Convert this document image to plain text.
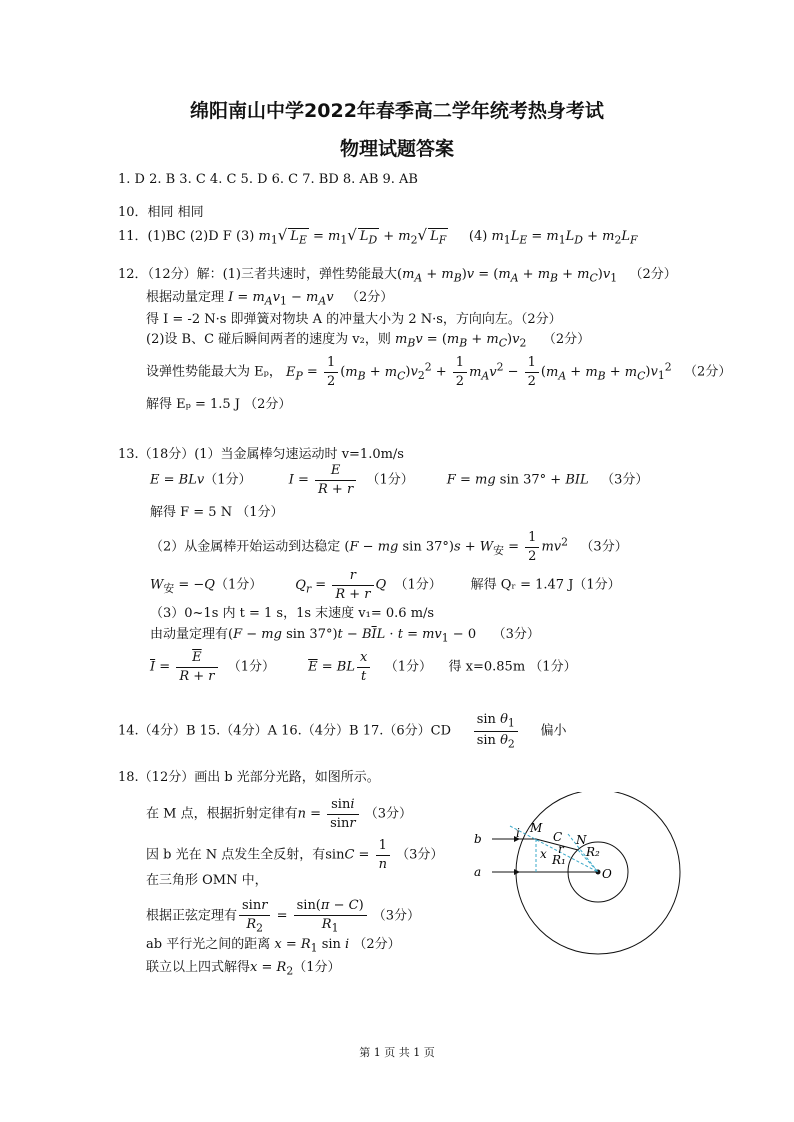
绵阳南山中学2022年春季高二学年统考热身考试
物理试题答案
1. D 2. B 3. C 4. C 5. D 6. C 7. BD 8. AB 9. AB
10．相同 相同
11．(1)BC (2)D F (3) $m_1√$ $L_E = m_1√$ $L_D + m_2√$ $L_F$ (4) $m_1L_E = m_1L_D + m_2L_F$
12．（12分）解：(1)三者共速时，弹性势能最大$(m_A + m_B)v = (m_A + m_B + m_C)v_1$ （2分）
根据动量定理 $I = m_Av_1 - m_Av$ （2分）
得 I = -2 N·s 即弹簧对物块 A 的冲量大小为 2 N·s，方向向左。（2分）
(2)设 B、C 碰后瞬间两者的速度为 v₂，则 $m_Bv = (m_B + m_C)v_2$ （2分）
设弹性势能最大为 Eₚ， $E_P = \frac{1}{2} (m_B + m_C)v_2^2 + \frac{1}{2} m_Av^2 - \frac{1}{2} (m_A + m_B + m_C)v_1^2$ （2分）
解得 Eₚ = 1.5 J （2分）
13.（18分）(1）当金属棒匀速运动时 v=1.0m/s
E = BLv（1分）	$I = \frac{E}{R + r} (1$分）	F = mg sin 37° + BIL （3分）
解得 F = 5 N （1分）
（2）从金属棒开始运动到达稳定 (F − mg $\sin 37^\circ)s + W_安 = \frac{1}{2} mv^2$ （3分）
$W_安 = -Q(1$分）	$Q_r = \frac{r}{R + r}$ Q （1分） 解得 Qᵣ = 1.47 J（1分）
（3）0~1s 内 t = 1 s，1s 末速度 v₁= 0.6 m/s
由动量定理有(F − mg $\sin 37^\circ)t - B\overline{I}L \cdot t = mv_1 - 0$    （3分）
$\overline{I} = \frac{\overline{E}}{R + r} (1$分）	$\overline{E}$ = BL $\frac{x}{t} (1$分） 得 x=0.85m （1分）
14.（4分）B 15.（4分）A 16.（4分）B 17.（6分）$CD \frac{\sin \theta_1}{\sin \theta_2}$ 偏小
18.（12分）画出 b 光部分光路，如图所示。
在 M 点，根据折射定律有$n = \frac{\sin i}{\sin r} (3$分）
因 b 光在 N 点发生全反射，有$\sin C = \frac{1}{n} (3$分）
在三角形 OMN 中，
根据正弦定理有 $\frac{\sin r}{R_2} = \frac{\sin(\pi - C)}{R_1} (3$分）
ab 平行光之间的距离 $x = R_1$ sin i （2分）
联立以上四式解得$x = R_2(1$分）
b
a
M
N
C
i
r
x R₁
R₂
O
第 1 页 共 1 页
